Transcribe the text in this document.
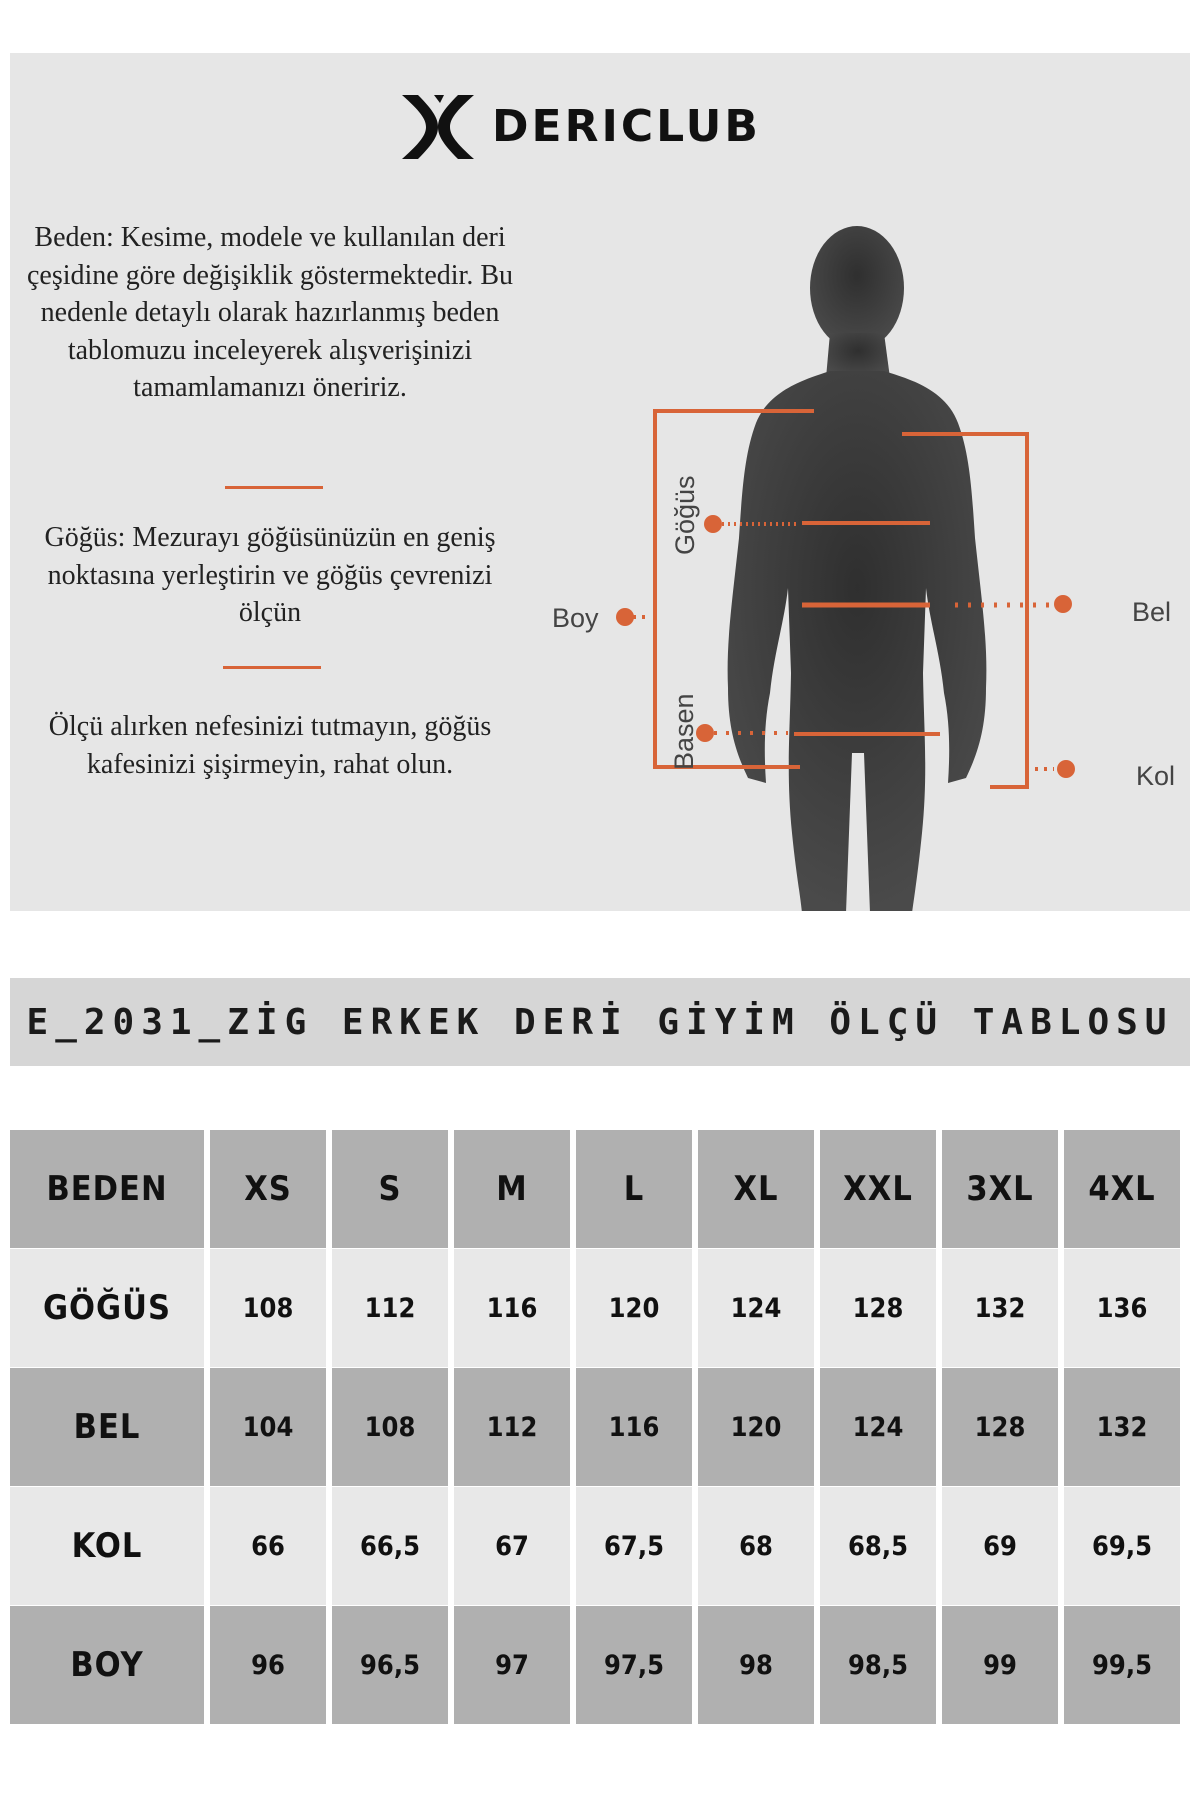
DERICLUB

Beden: Kesime, modele ve kullanılan deri çeşidine göre değişiklik göstermektedir. Bu nedenle detaylı olarak hazırlanmış beden tablomuzu inceleyerek alışverişinizi tamamlamanızı öneririz.

Göğüs: Mezurayı göğüsünüzün en geniş noktasına yerleştirin ve göğüs çevrenizi ölçün

Ölçü alırken nefesinizi tutmayın, göğüs kafesinizi şişirmeyin, rahat olun.

Göğüs
Basen
Boy	Bel
Kol
E_2031_ZİG ERKEK DERİ GİYİM ÖLÇÜ TABLOSU
BEDEN	XS	S	M	L	XL	XXL	3XL	4XL
GÖĞÜS	108	112	116	120	124	128	132	136
BEL	104	108	112	116	120	124	128	132
KOL	66	66,5	67	67,5	68	68,5	69	69,5
BOY	96	96,5	97	97,5	98	98,5	99	99,5
